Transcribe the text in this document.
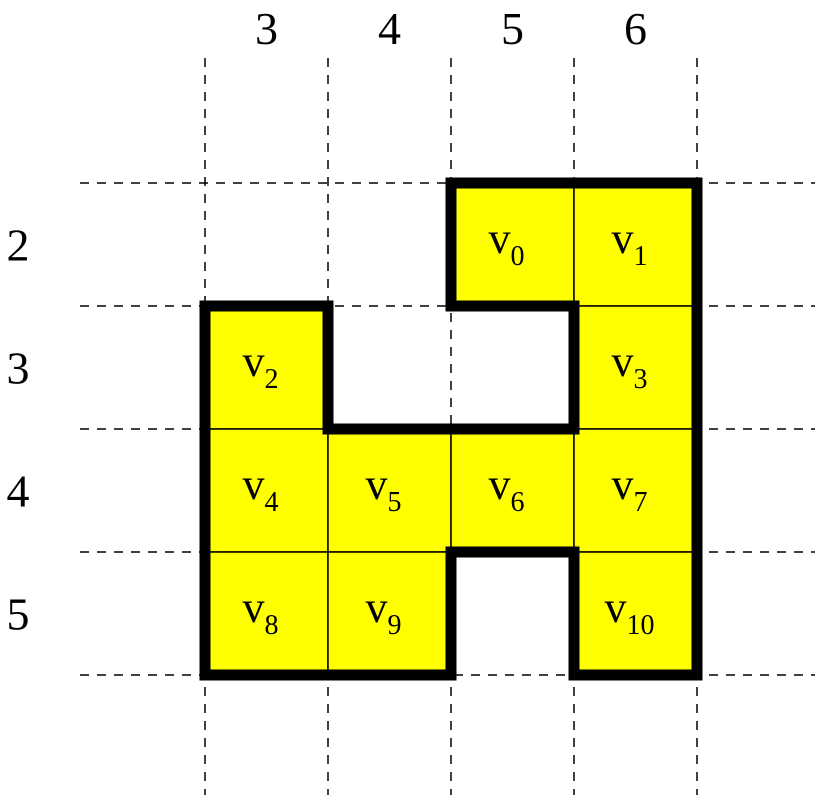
v0 v1
v2	v3
v4 v5 v6 v7
v8 v9	v10
3 4 5 6
2
3
4
5
